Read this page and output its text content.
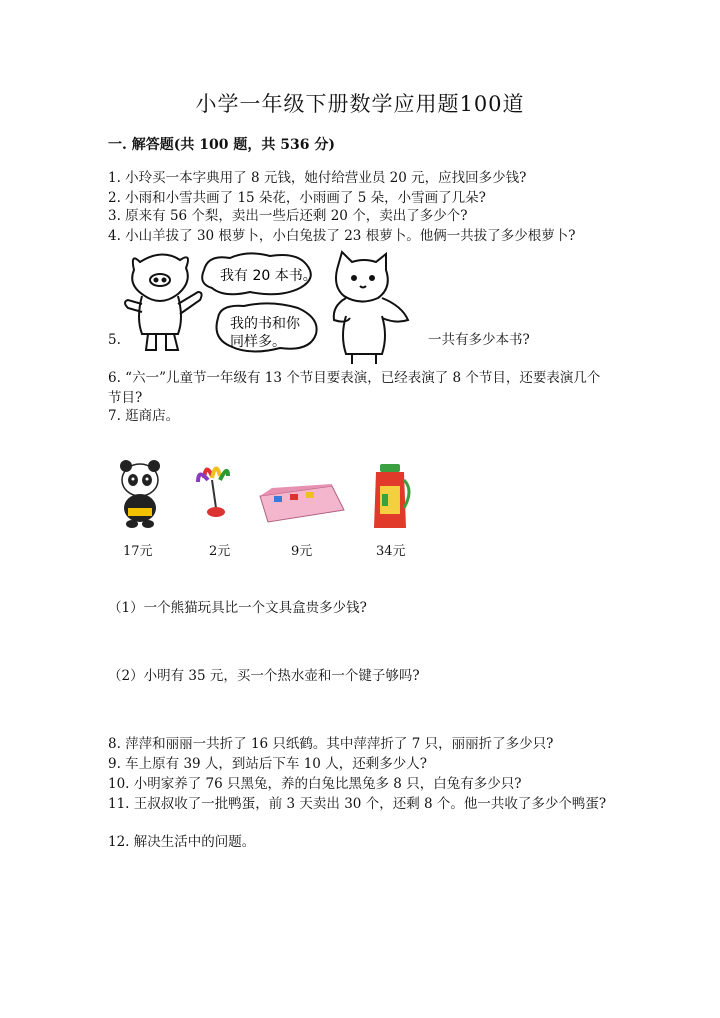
小学一年级下册数学应用题100道
一. 解答题(共 100 题，共 536 分)
1. 小玲买一本字典用了 8 元钱，她付给营业员 20 元，应找回多少钱?
2. 小雨和小雪共画了 15 朵花，小雨画了 5 朵，小雪画了几朵?
3. 原来有 56 个梨，卖出一些后还剩 20 个，卖出了多少个?
4. 小山羊拔了 30 根萝卜，小白兔拔了 23 根萝卜。他俩一共拔了多少根萝卜?
我有 20 本书。
我的书和你
同样多。
5.	一共有多少本书?
6. “六一”儿童节一年级有 13 个节目要表演，已经表演了 8 个节目，还要表演几个节目?
7. 逛商店。
17元	2元	9元	34元
（1）一个熊猫玩具比一个文具盒贵多少钱?
（2）小明有 35 元，买一个热水壶和一个键子够吗?
8. 萍萍和丽丽一共折了 16 只纸鹤。其中萍萍折了 7 只，丽丽折了多少只?
9. 车上原有 39 人，到站后下车 10 人，还剩多少人?
10. 小明家养了 76 只黑兔，养的白兔比黑兔多 8 只，白兔有多少只?
11. 王叔叔收了一批鸭蛋，前 3 天卖出 30 个，还剩 8 个。他一共收了多少个鸭蛋?
12. 解决生活中的问题。
